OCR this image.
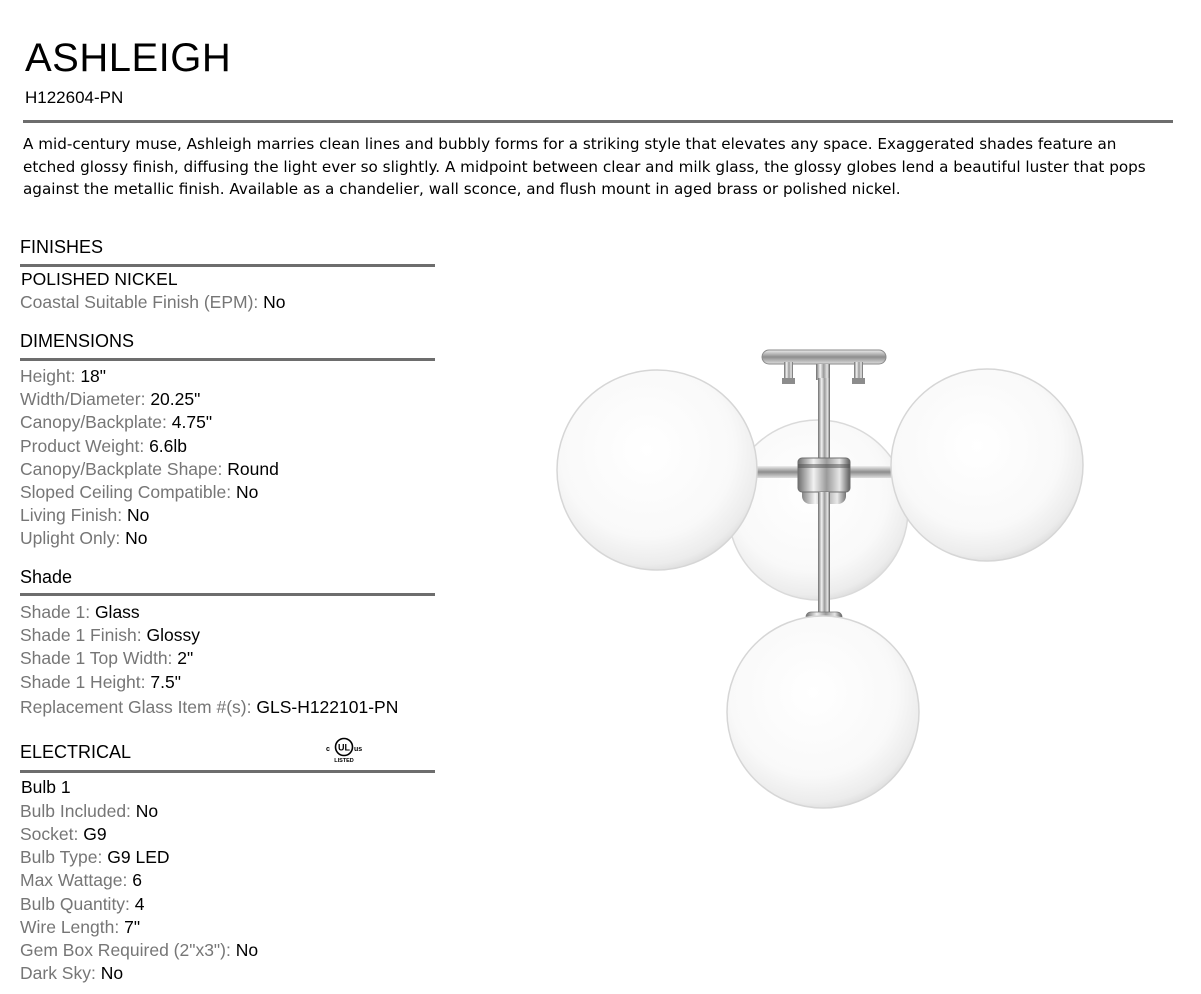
ASHLEIGH
H122604-PN
A mid-century muse, Ashleigh marries clean lines and bubbly forms for a striking style that elevates any space. Exaggerated shades feature an etched glossy finish, diffusing the light ever so slightly. A midpoint between clear and milk glass, the glossy globes lend a beautiful luster that pops against the metallic finish. Available as a chandelier, wall sconce, and flush mount in aged brass or polished nickel.
FINISHES
POLISHED NICKEL
Coastal Suitable Finish (EPM): No
DIMENSIONS
Height: 18"
Width/Diameter: 20.25"
Canopy/Backplate: 4.75"
Product Weight: 6.6lb
Canopy/Backplate Shape: Round
Sloped Ceiling Compatible: No
Living Finish: No
Uplight Only: No
Shade
Shade 1: Glass
Shade 1 Finish: Glossy
Shade 1 Top Width: 2"
Shade 1 Height: 7.5"
Replacement Glass Item #(s): GLS-H122101-PN
ELECTRICAL	c UL us
LISTED
Bulb 1
Bulb Included: No
Socket: G9
Bulb Type: G9 LED
Max Wattage: 6
Bulb Quantity: 4
Wire Length: 7"
Gem Box Required (2"x3"): No
Dark Sky: No
